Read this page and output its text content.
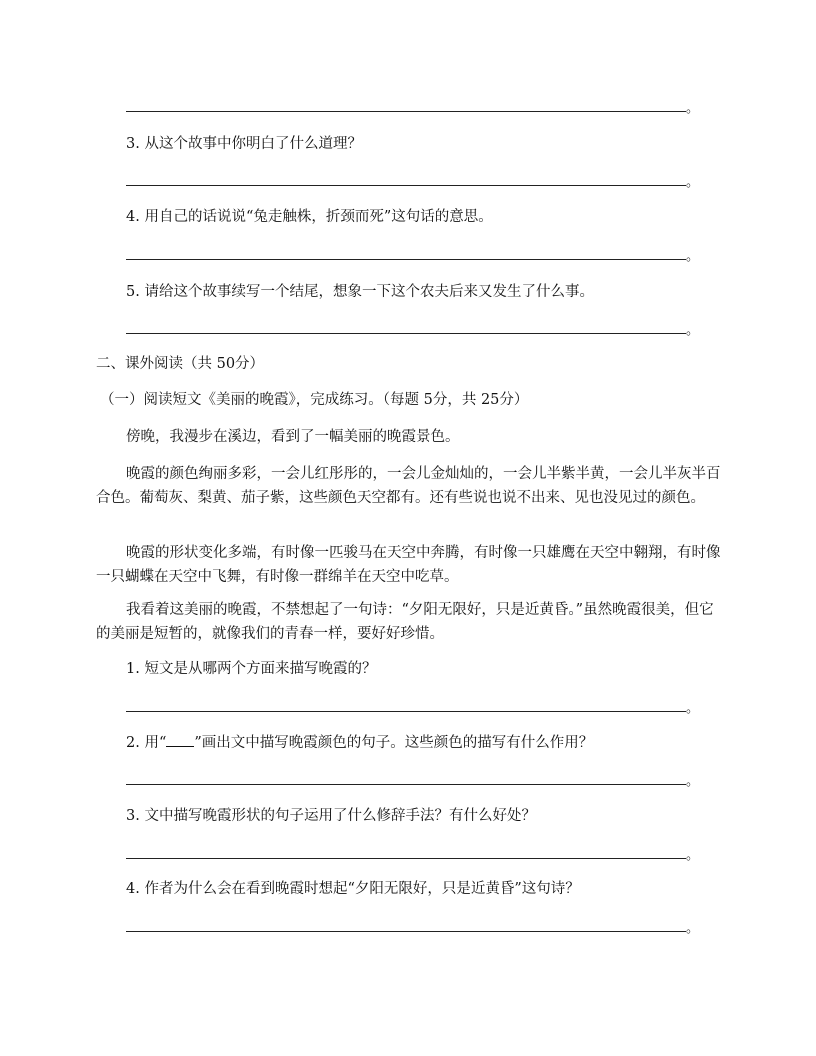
。
3. 从这个故事中你明白了什么道理？
。
4. 用自己的话说说“兔走触株，折颈而死”这句话的意思。
。
5. 请给这个故事续写一个结尾，想象一下这个农夫后来又发生了什么事。
。
二、课外阅读（共 50分）
（一）阅读短文《美丽的晚霞》，完成练习。（每题 5分，共 25分）

傍晚，我漫步在溪边，看到了一幅美丽的晚霞景色。

晚霞的颜色绚丽多彩，一会儿红彤彤的，一会儿金灿灿的，一会儿半紫半黄，一会儿半灰半百合色。葡萄灰、梨黄、茄子紫，这些颜色天空都有。还有些说也说不出来、见也没见过的颜色。

晚霞的形状变化多端，有时像一匹骏马在天空中奔腾，有时像一只雄鹰在天空中翱翔，有时像一只蝴蝶在天空中飞舞，有时像一群绵羊在天空中吃草。

我看着这美丽的晚霞，不禁想起了一句诗：“夕阳无限好，只是近黄昏。”虽然晚霞很美，但它的美丽是短暂的，就像我们的青春一样，要好好珍惜。

1. 短文是从哪两个方面来描写晚霞的？
。
2. 用“ ”画出文中描写晚霞颜色的句子。这些颜色的描写有什么作用？
。
3. 文中描写晚霞形状的句子运用了什么修辞手法？有什么好处？
。
4. 作者为什么会在看到晚霞时想起“夕阳无限好，只是近黄昏”这句诗？
。
